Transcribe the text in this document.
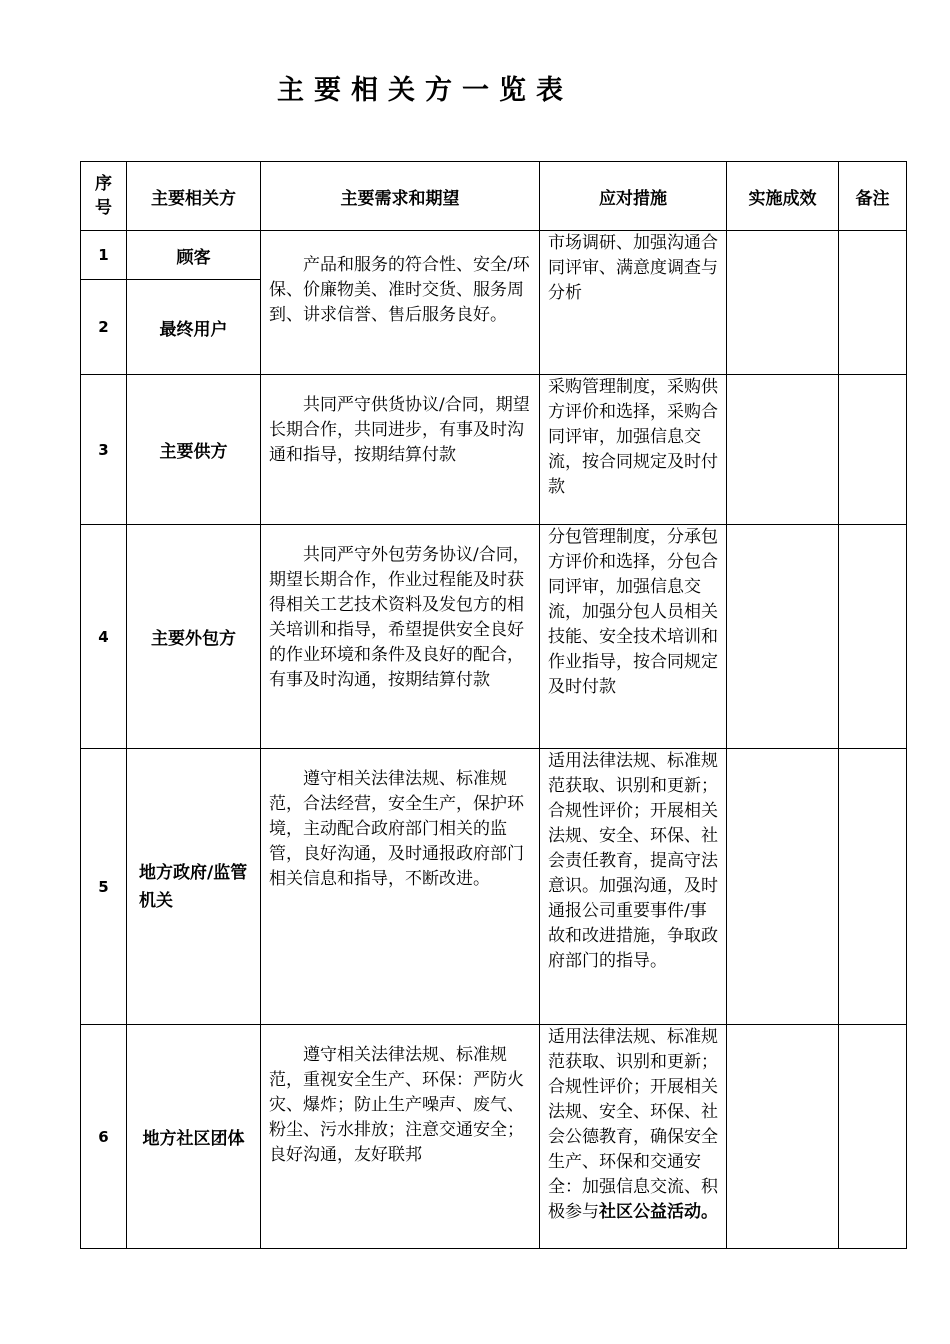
主要相关方一览表
序号	主要相关方	主要需求和期望	应对措施	实施成效	备注
1	顾客	产品和服务的符合性、安全/环保、价廉物美、准时交货、服务周到、讲求信誉、售后服务良好。	市场调研、加强沟通合同评审、满意度调查与分析		
2	最终用户				
3	主要供方	共同严守供货协议/合同，期望长期合作，共同进步，有事及时沟通和指导，按期结算付款	采购管理制度，采购供方评价和选择，采购合同评审，加强信息交流，按合同规定及时付款		
4	主要外包方	共同严守外包劳务协议/合同，期望长期合作，作业过程能及时获得相关工艺技术资料及发包方的相关培训和指导，希望提供安全良好的作业环境和条件及良好的配合，有事及时沟通，按期结算付款	分包管理制度，分承包方评价和选择，分包合同评审，加强信息交流，加强分包人员相关技能、安全技术培训和作业指导，按合同规定及时付款		
5	地方政府/监管机关	遵守相关法律法规、标准规范，合法经营，安全生产，保护环境，主动配合政府部门相关的监管，良好沟通，及时通报政府部门相关信息和指导，不断改进。	适用法律法规、标准规范获取、识别和更新；合规性评价；开展相关法规、安全、环保、社会责任教育，提高守法意识。加强沟通，及时通报公司重要事件/事故和改进措施，争取政府部门的指导。		
6	地方社区团体	遵守相关法律法规、标准规范，重视安全生产、环保：严防火灾、爆炸；防止生产噪声、废气、粉尘、污水排放；注意交通安全；良好沟通，友好联邦	适用法律法规、标准规范获取、识别和更新；合规性评价；开展相关法规、安全、环保、社会公德教育，确保安全生产、环保和交通安全：加强信息交流、积极参与社区公益活动。		
